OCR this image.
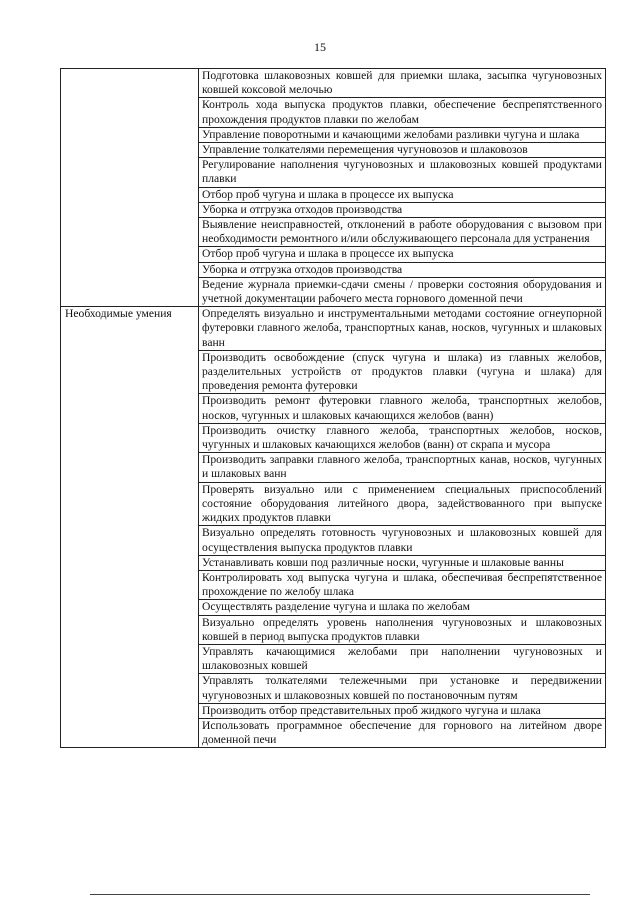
15
	Подготовка шлаковозных ковшей для приемки шлака, засыпка чугуновозных ковшей коксовой мелочью
	Контроль хода выпуска продуктов плавки, обеспечение беспрепятственного прохождения продуктов плавки по желобам
	Управление поворотными и качающими желобами разливки чугуна и шлака
	Управление толкателями перемещения чугуновозов и шлаковозов
	Регулирование наполнения чугуновозных и шлаковозных ковшей продуктами плавки
	Отбор проб чугуна и шлака в процессе их выпуска
	Уборка и отгрузка отходов производства
	Выявление неисправностей, отклонений в работе оборудования с вызовом при необходимости ремонтного и/или обслуживающего персонала для устранения
	Отбор проб чугуна и шлака в процессе их выпуска
	Уборка и отгрузка отходов производства
	Ведение журнала приемки-сдачи смены / проверки состояния оборудования и учетной документации рабочего места горнового доменной печи
Необходимые умения	Определять визуально и инструментальными методами состояние огнеупорной футеровки главного желоба, транспортных канав, носков, чугунных и шлаковых ванн
	Производить освобождение (спуск чугуна и шлака) из главных желобов, разделительных устройств от продуктов плавки (чугуна и шлака) для проведения ремонта футеровки
	Производить ремонт футеровки главного желоба, транспортных желобов, носков, чугунных и шлаковых качающихся желобов (ванн)
	Производить очистку главного желоба, транспортных желобов, носков, чугунных и шлаковых качающихся желобов (ванн) от скрапа и мусора
	Производить заправки главного желоба, транспортных канав, носков, чугунных и шлаковых ванн
	Проверять визуально или с применением специальных приспособлений состояние оборудования литейного двора, задействованного при выпуске жидких продуктов плавки
	Визуально определять готовность чугуновозных и шлаковозных ковшей для осуществления выпуска продуктов плавки
	Устанавливать ковши под различные носки, чугунные и шлаковые ванны
	Контролировать ход выпуска чугуна и шлака, обеспечивая беспрепятственное прохождение по желобу шлака
	Осуществлять разделение чугуна и шлака по желобам
	Визуально определять уровень наполнения чугуновозных и шлаковозных ковшей в период выпуска продуктов плавки
	Управлять качающимися желобами при наполнении чугуновозных и шлаковозных ковшей
	Управлять толкателями тележечными при установке и передвижении чугуновозных и шлаковозных ковшей по постановочным путям
	Производить отбор представительных проб жидкого чугуна и шлака
	Использовать программное обеспечение для горнового на литейном дворе доменной печи
